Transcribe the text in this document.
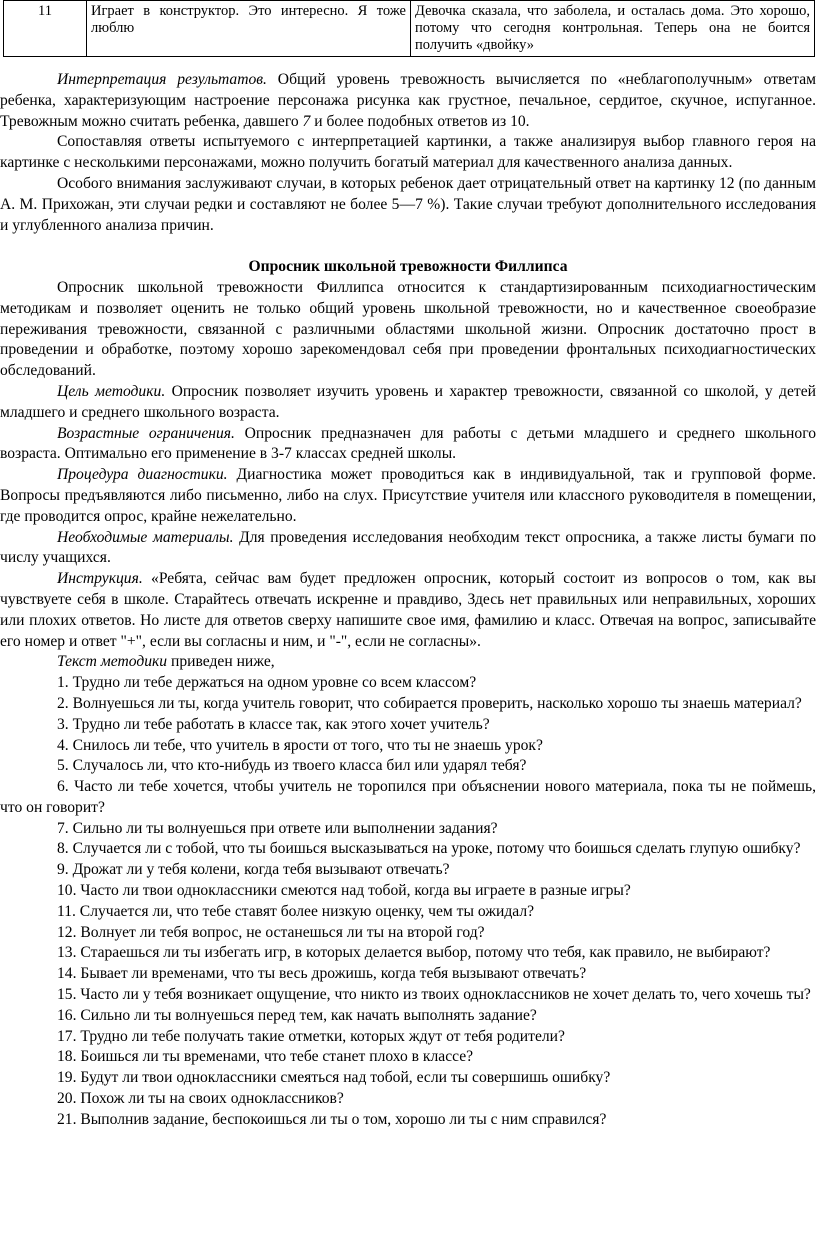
11	Играет в конструктор. Это интересно. Я тоже люблю	Девочка сказала, что заболела, и осталась дома. Это хорошо, потому что сегодня контрольная. Теперь она не боится получить «двойку»

Интерпретация результатов. Общий уровень тревожность вычисляется по «неблагополучным» ответам ребенка, характеризующим настроение персонажа рисунка как грустное, печальное, сердитое, скучное, испуганное. Тревожным можно считать ребенка, давшего 7 и более подобных ответов из 10.

Сопоставляя ответы испытуемого с интерпретацией картинки, а также анализируя выбор главного героя на картинке с несколькими персонажами, можно получить богатый материал для качественного анализа данных.

Особого внимания заслуживают случаи, в которых ребенок дает отрицательный ответ на картинку 12 (по данным А. М. Прихожан, эти случаи редки и составляют не более 5—7 %). Такие случаи требуют дополнительного исследования и углубленного анализа причин.

Опросник школьной тревожности Филлипса

Опросник школьной тревожности Филлипса относится к стандартизированным психодиагностическим методикам и позволяет оценить не только общий уровень школьной тревожности, но и качественное своеобразие переживания тревожности, связанной с различными областями школьной жизни. Опросник достаточно прост в проведении и обработке, поэтому хорошо зарекомендовал себя при проведении фронтальных психодиагностических обследований.

Цель методики. Опросник позволяет изучить уровень и характер тревожности, связанной со школой, у детей младшего и среднего школьного возраста.

Возрастные ограничения. Опросник предназначен для работы с детьми младшего и среднего школьного возраста. Оптимально его применение в 3-7 классах средней школы.

Процедура диагностики. Диагностика может проводиться как в индивидуальной, так и групповой форме. Вопросы предъявляются либо письменно, либо на слух. Присутствие учителя или классного руководителя в помещении, где проводится опрос, крайне нежелательно.

Необходимые материалы. Для проведения исследования необходим текст опросника, а также листы бумаги по числу учащихся.

Инструкция. «Ребята, сейчас вам будет предложен опросник, который состоит из вопросов о том, как вы чувствуете себя в школе. Старайтесь отвечать искренне и правдиво, Здесь нет правильных или неправильных, хороших или плохих ответов. Но листе для ответов сверху напишите свое имя, фамилию и класс. Отвечая на вопрос, записывайте его номер и ответ "+", если вы согласны и ним, и "-", если не согласны».

Текст методики приведен ниже,

1. Трудно ли тебе держаться на одном уровне со всем классом?

2. Волнуешься ли ты, когда учитель говорит, что собирается проверить, насколько хорошо ты знаешь материал?

3. Трудно ли тебе работать в классе так, как этого хочет учитель?

4. Снилось ли тебе, что учитель в ярости от того, что ты не знаешь урок?

5. Случалось ли, что кто-нибудь из твоего класса бил или ударял тебя?

6. Часто ли тебе хочется, чтобы учитель не торопился при объяснении нового материала, пока ты не поймешь, что он говорит?

7. Сильно ли ты волнуешься при ответе или выполнении задания?

8. Случается ли с тобой, что ты боишься высказываться на уроке, потому что боишься сделать глупую ошибку?

9. Дрожат ли у тебя колени, когда тебя вызывают отвечать?

10. Часто ли твои одноклассники смеются над тобой, когда вы играете в разные игры?

11. Случается ли, что тебе ставят более низкую оценку, чем ты ожидал?

12. Волнует ли тебя вопрос, не останешься ли ты на второй год?

13. Стараешься ли ты избегать игр, в которых делается выбор, потому что тебя, как правило, не выбирают?

14. Бывает ли временами, что ты весь дрожишь, когда тебя вызывают отвечать?

15. Часто ли у тебя возникает ощущение, что никто из твоих одноклассников не хочет делать то, чего хочешь ты?

16. Сильно ли ты волнуешься перед тем, как начать выполнять задание?

17. Трудно ли тебе получать такие отметки, которых ждут от тебя родители?

18. Боишься ли ты временами, что тебе станет плохо в классе?

19. Будут ли твои одноклассники смеяться над тобой, если ты совершишь ошибку?

20. Похож ли ты на своих одноклассников?

21. Выполнив задание, беспокоишься ли ты о том, хорошо ли ты с ним справился?
